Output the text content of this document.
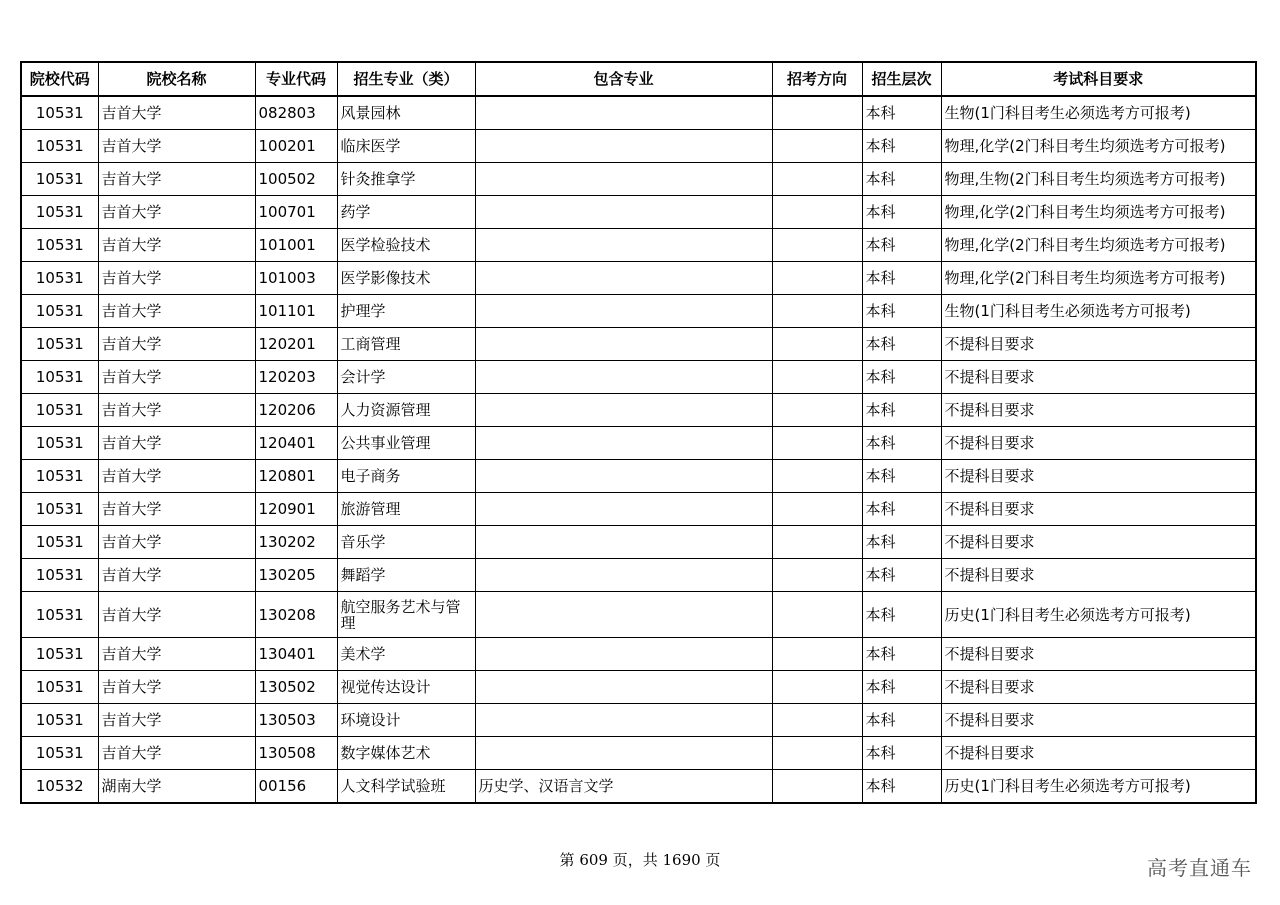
院校代码	院校名称	专业代码	招生专业（类）	包含专业	招考方向	招生层次	考试科目要求
10531	吉首大学	082803	风景园林			本科	生物(1门科目考生必须选考方可报考)
10531	吉首大学	100201	临床医学			本科	物理,化学(2门科目考生均须选考方可报考)
10531	吉首大学	100502	针灸推拿学			本科	物理,生物(2门科目考生均须选考方可报考)
10531	吉首大学	100701	药学			本科	物理,化学(2门科目考生均须选考方可报考)
10531	吉首大学	101001	医学检验技术			本科	物理,化学(2门科目考生均须选考方可报考)
10531	吉首大学	101003	医学影像技术			本科	物理,化学(2门科目考生均须选考方可报考)
10531	吉首大学	101101	护理学			本科	生物(1门科目考生必须选考方可报考)
10531	吉首大学	120201	工商管理			本科	不提科目要求
10531	吉首大学	120203	会计学			本科	不提科目要求
10531	吉首大学	120206	人力资源管理			本科	不提科目要求
10531	吉首大学	120401	公共事业管理			本科	不提科目要求
10531	吉首大学	120801	电子商务			本科	不提科目要求
10531	吉首大学	120901	旅游管理			本科	不提科目要求
10531	吉首大学	130202	音乐学			本科	不提科目要求
10531	吉首大学	130205	舞蹈学			本科	不提科目要求
10531	吉首大学	130208	航空服务艺术与管理			本科	历史(1门科目考生必须选考方可报考)
10531	吉首大学	130401	美术学			本科	不提科目要求
10531	吉首大学	130502	视觉传达设计			本科	不提科目要求
10531	吉首大学	130503	环境设计			本科	不提科目要求
10531	吉首大学	130508	数字媒体艺术			本科	不提科目要求
10532	湖南大学	00156	人文科学试验班	历史学、汉语言文学		本科	历史(1门科目考生必须选考方可报考)
第 609 页，共 1690 页	高考直通车
